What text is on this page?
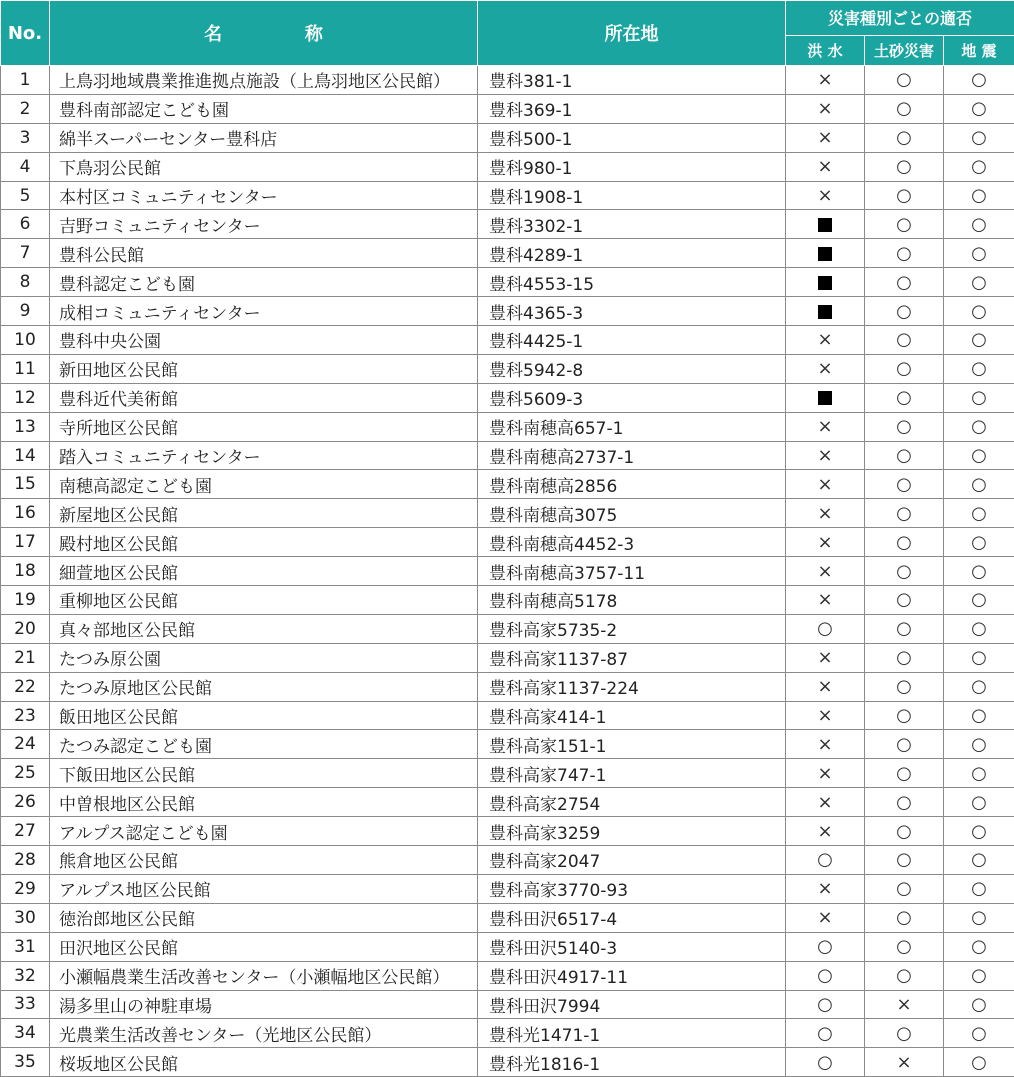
No.	名　称	所在地	災害種別ごとの適否		
			洪 水	土砂災害	地 震
1	上鳥羽地域農業推進拠点施設（上鳥羽地区公民館）	豊科381-1	×	○	○
2	豊科南部認定こども園	豊科369-1	×	○	○
3	綿半スーパーセンター豊科店	豊科500-1	×	○	○
4	下鳥羽公民館	豊科980-1	×	○	○
5	本村区コミュニティセンター	豊科1908-1	×	○	○
6	吉野コミュニティセンター	豊科3302-1		○	○
7	豊科公民館	豊科4289-1		○	○
8	豊科認定こども園	豊科4553-15		○	○
9	成相コミュニティセンター	豊科4365-3		○	○
10	豊科中央公園	豊科4425-1	×	○	○
11	新田地区公民館	豊科5942-8	×	○	○
12	豊科近代美術館	豊科5609-3		○	○
13	寺所地区公民館	豊科南穂高657-1	×	○	○
14	踏入コミュニティセンター	豊科南穂高2737-1	×	○	○
15	南穂高認定こども園	豊科南穂高2856	×	○	○
16	新屋地区公民館	豊科南穂高3075	×	○	○
17	殿村地区公民館	豊科南穂高4452-3	×	○	○
18	細萱地区公民館	豊科南穂高3757-11	×	○	○
19	重柳地区公民館	豊科南穂高5178	×	○	○
20	真々部地区公民館	豊科高家5735-2	○	○	○
21	たつみ原公園	豊科高家1137-87	×	○	○
22	たつみ原地区公民館	豊科高家1137-224	×	○	○
23	飯田地区公民館	豊科高家414-1	×	○	○
24	たつみ認定こども園	豊科高家151-1	×	○	○
25	下飯田地区公民館	豊科高家747-1	×	○	○
26	中曽根地区公民館	豊科高家2754	×	○	○
27	アルプス認定こども園	豊科高家3259	×	○	○
28	熊倉地区公民館	豊科高家2047	○	○	○
29	アルプス地区公民館	豊科高家3770-93	×	○	○
30	徳治郎地区公民館	豊科田沢6517-4	×	○	○
31	田沢地区公民館	豊科田沢5140-3	○	○	○
32	小瀬幅農業生活改善センター（小瀬幅地区公民館）	豊科田沢4917-11	○	○	○
33	湯多里山の神駐車場	豊科田沢7994	○	×	○
34	光農業生活改善センター（光地区公民館）	豊科光1471-1	○	○	○
35	桜坂地区公民館	豊科光1816-1	○	×	○
